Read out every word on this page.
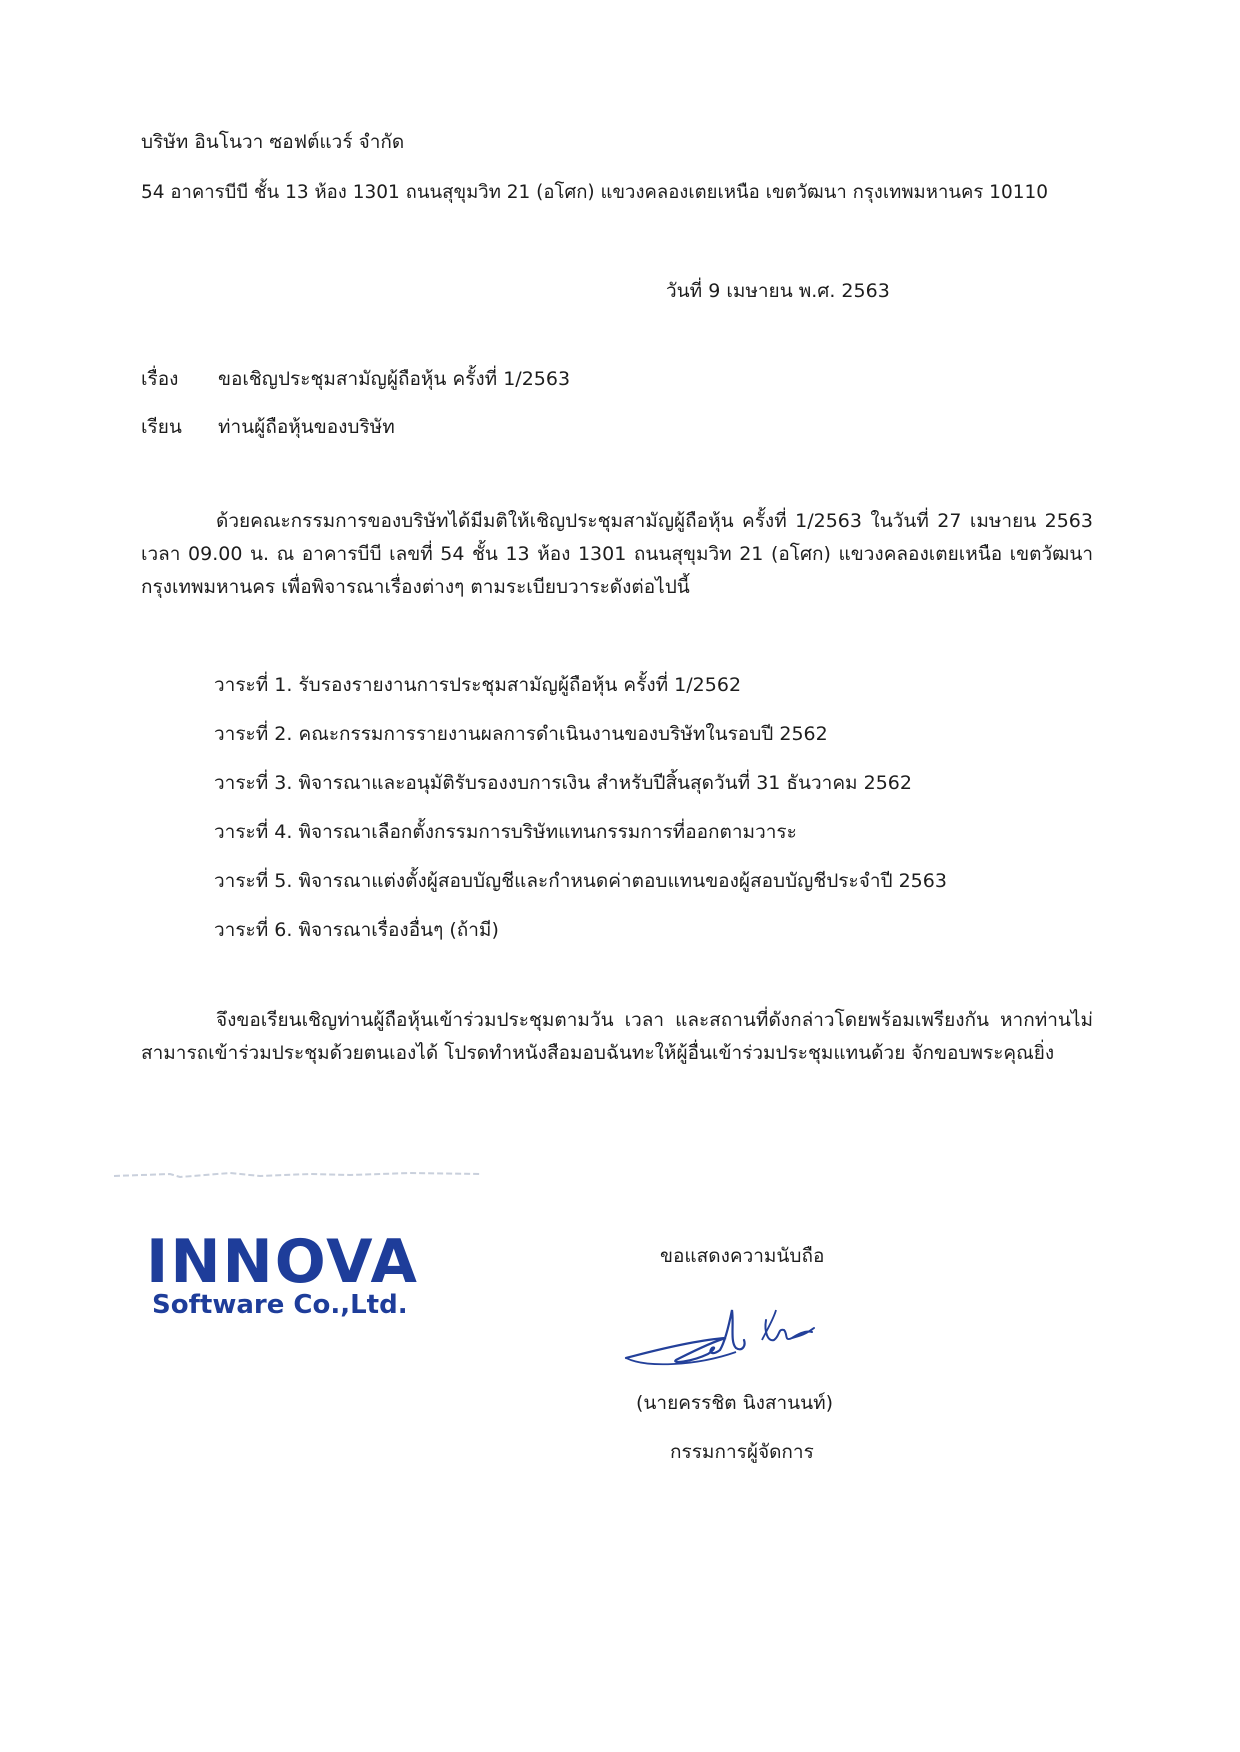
บริษัท อินโนวา ซอฟต์แวร์ จำกัด
54 อาคารบีบี ชั้น 13 ห้อง 1301 ถนนสุขุมวิท 21 (อโศก) แขวงคลองเตยเหนือ เขตวัฒนา กรุงเทพมหานคร 10110
วันที่ 9 เมษายน พ.ศ. 2563
เรื่อง ขอเชิญประชุมสามัญผู้ถือหุ้น ครั้งที่ 1/2563
เรียน ท่านผู้ถือหุ้นของบริษัท
ด้วยคณะกรรมการของบริษัทได้มีมติให้เชิญประชุมสามัญผู้ถือหุ้น ครั้งที่ 1/2563 ในวันที่ 27 เมษายน 2563 เวลา 09.00 น. ณ อาคารบีบี เลขที่ 54 ชั้น 13 ห้อง 1301 ถนนสุขุมวิท 21 (อโศก) แขวงคลองเตยเหนือ เขตวัฒนา กรุงเทพมหานคร เพื่อพิจารณาเรื่องต่างๆ ตามระเบียบวาระดังต่อไปนี้
วาระที่ 1. รับรองรายงานการประชุมสามัญผู้ถือหุ้น ครั้งที่ 1/2562
วาระที่ 2. คณะกรรมการรายงานผลการดำเนินงานของบริษัทในรอบปี 2562
วาระที่ 3. พิจารณาและอนุมัติรับรองงบการเงิน สำหรับปีสิ้นสุดวันที่ 31 ธันวาคม 2562
วาระที่ 4. พิจารณาเลือกตั้งกรรมการบริษัทแทนกรรมการที่ออกตามวาระ
วาระที่ 5. พิจารณาแต่งตั้งผู้สอบบัญชีและกำหนดค่าตอบแทนของผู้สอบบัญชีประจำปี 2563
วาระที่ 6. พิจารณาเรื่องอื่นๆ (ถ้ามี)
จึงขอเรียนเชิญท่านผู้ถือหุ้นเข้าร่วมประชุมตามวัน เวลา และสถานที่ดังกล่าวโดยพร้อมเพรียงกัน หากท่านไม่สามารถเข้าร่วมประชุมด้วยตนเองได้ โปรดทำหนังสือมอบฉันทะให้ผู้อื่นเข้าร่วมประชุมแทนด้วย จักขอบพระคุณยิ่ง
INNOVA
Software Co.,Ltd.
ขอแสดงความนับถือ
(นายครรชิต นิงสานนท์)
กรรมการผู้จัดการ
